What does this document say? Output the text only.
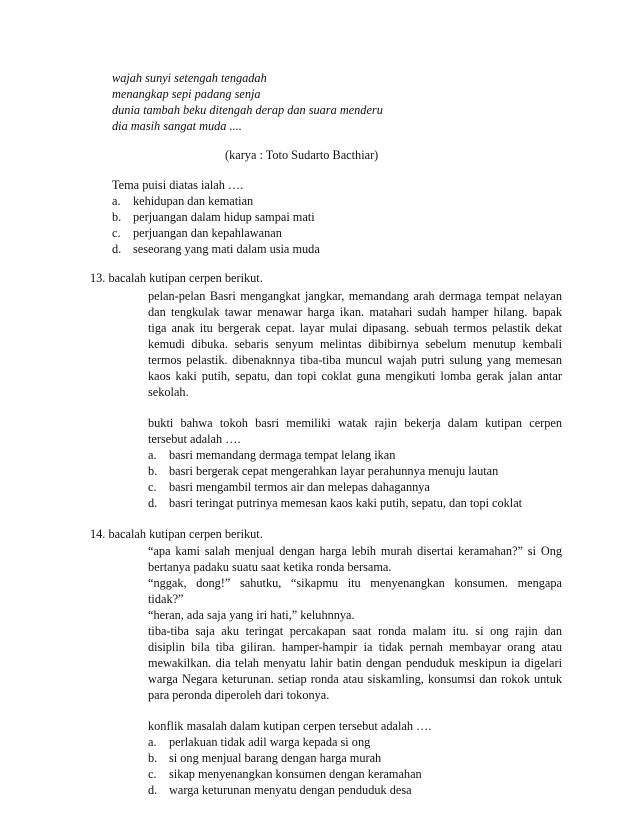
wajah sunyi setengah tengadah
menangkap sepi padang senja
dunia tambah beku ditengah derap dan suara menderu
dia masih sangat muda ....
(karya : Toto Sudarto Bacthiar)
Tema puisi diatas ialah ….
a. kehidupan dan kematian
b. perjuangan dalam hidup sampai mati
c. perjuangan dan kepahlawanan
d. seseorang yang mati dalam usia muda
13. bacalah kutipan cerpen berikut.
pelan-pelan Basri mengangkat jangkar, memandang arah dermaga tempat nelayan
dan tengkulak tawar menawar harga ikan. matahari sudah hamper hilang. bapak
tiga anak itu bergerak cepat. layar mulai dipasang. sebuah termos pelastik dekat
kemudi dibuka. sebaris senyum melintas dibibirnya sebelum menutup kembali
termos pelastik. dibenaknnya tiba-tiba muncul wajah putri sulung yang memesan
kaos kaki putih, sepatu, dan topi coklat guna mengikuti lomba gerak jalan antar
sekolah.
bukti bahwa tokoh basri memiliki watak rajin bekerja dalam kutipan cerpen
tersebut adalah ….
a. basri memandang dermaga tempat lelang ikan
b. basri bergerak cepat mengerahkan layar perahunnya menuju lautan
c. basri mengambil termos air dan melepas dahagannya
d. basri teringat putrinya memesan kaos kaki putih, sepatu, dan topi coklat
14. bacalah kutipan cerpen berikut.
“apa kami salah menjual dengan harga lebih murah disertai keramahan?” si Ong
bertanya padaku suatu saat ketika ronda bersama.
“nggak, dong!” sahutku, “sikapmu itu menyenangkan konsumen. mengapa
tidak?”
“heran, ada saja yang iri hati,” keluhnnya.
tiba-tiba saja aku teringat percakapan saat ronda malam itu. si ong rajin dan
disiplin bila tiba giliran. hamper-hampir ia tidak pernah membayar orang atau
mewakilkan. dia telah menyatu lahir batin dengan penduduk meskipun ia digelari
warga Negara keturunan. setiap ronda atau siskamling, konsumsi dan rokok untuk
para peronda diperoleh dari tokonya.
konflik masalah dalam kutipan cerpen tersebut adalah ….
a. perlakuan tidak adil warga kepada si ong
b. si ong menjual barang dengan harga murah
c. sikap menyenangkan konsumen dengan keramahan
d. warga keturunan menyatu dengan penduduk desa
